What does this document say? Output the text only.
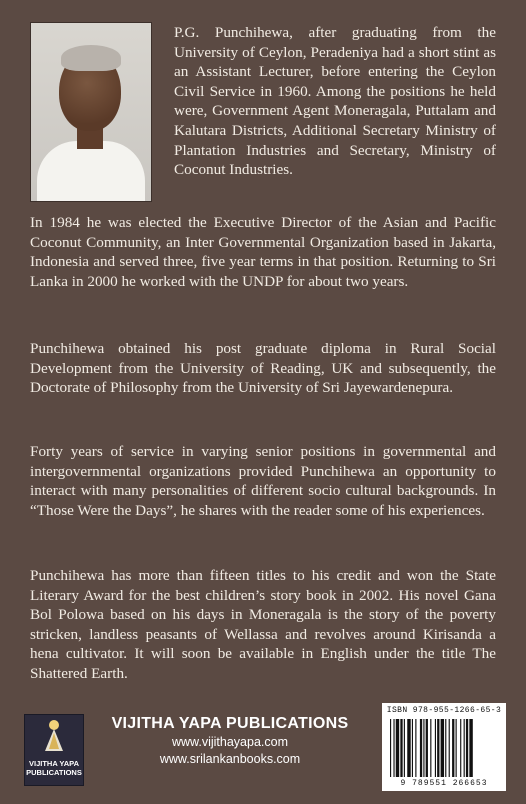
P.G. Punchihewa, after graduating from the University of Ceylon, Peradeniya had a short stint as an Assistant Lecturer, before entering the Ceylon Civil Service in 1960. Among the positions he held were, Government Agent Moneragala, Puttalam and Kalutara Districts, Additional Secretary Ministry of Plantation Industries and Secretary, Ministry of Coconut Industries.

In 1984 he was elected the Executive Director of the Asian and Pacific Coconut Community, an Inter Governmental Organization based in Jakarta, Indonesia and served three, five year terms in that position. Returning to Sri Lanka in 2000 he worked with the UNDP for about two years.

Punchihewa obtained his post graduate diploma in Rural Social Development from the University of Reading, UK and subsequently, the Doctorate of Philosophy from the University of Sri Jayewardenepura.

Forty years of service in varying senior positions in governmental and intergovernmental organizations provided Punchihewa an opportunity to interact with many personalities of different socio cultural backgrounds. In “Those Were the Days”, he shares with the reader some of his experiences.

Punchihewa has more than fifteen titles to his credit and won the State Literary Award for the best children’s story book in 2002. His novel Gana Bol Polowa based on his days in Moneragala is the story of the poverty stricken, landless peasants of Wellassa and revolves around Kirisanda a hena cultivator. It will soon be available in English under the title The Shattered Earth.

VIJITHA YAPA PUBLICATIONS
VIJITHA YAPA PUBLICATIONS
www.vijithayapa.com
www.srilankanbooks.com
ISBN 978-955-1266-65-3
9 789551 266653
